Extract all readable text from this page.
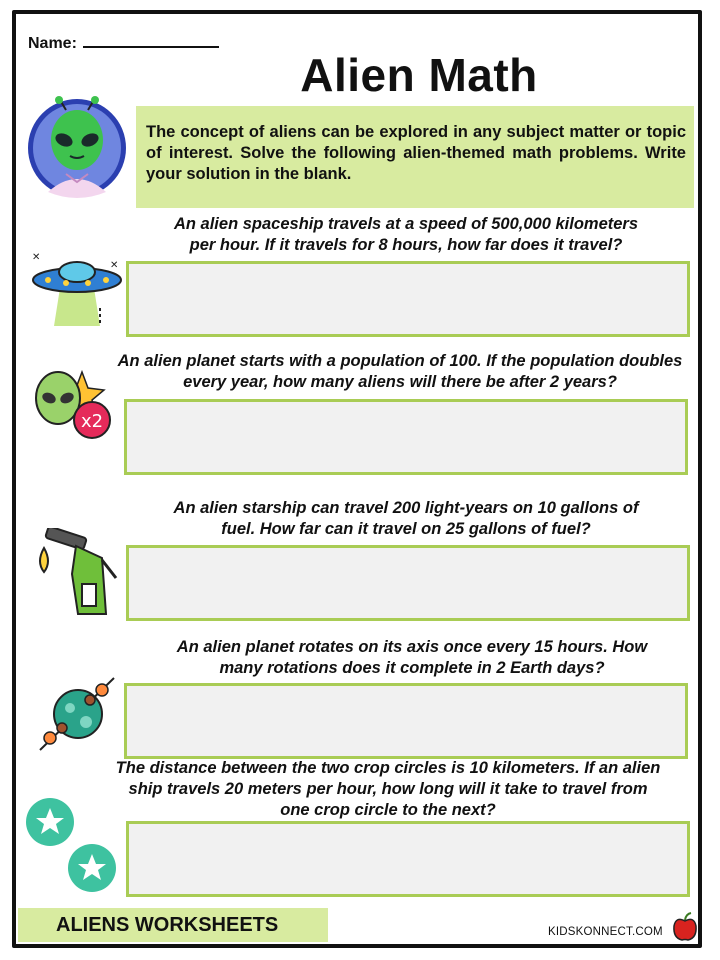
Name:
Alien Math
The concept of aliens can be explored in any subject matter or topic of interest. Solve the following alien-themed math problems. Write your solution in the blank.
An alien spaceship travels at a speed of 500,000 kilometers
per hour. If it travels for 8 hours, how far does it travel?
✕
✕
An alien planet starts with a population of 100. If the population doubles
every year, how many aliens will there be after 2 years?
x2
An alien starship can travel 200 light-years on 10 gallons of
fuel. How far can it travel on 25 gallons of fuel?
An alien planet rotates on its axis once every 15 hours. How
many rotations does it complete in 2 Earth days?
The distance between the two crop circles is 10 kilometers. If an alien
ship travels 20 meters per hour, how long will it take to travel from
one crop circle to the next?
ALIENS WORKSHEETS	KIDSKONNECT.COM
